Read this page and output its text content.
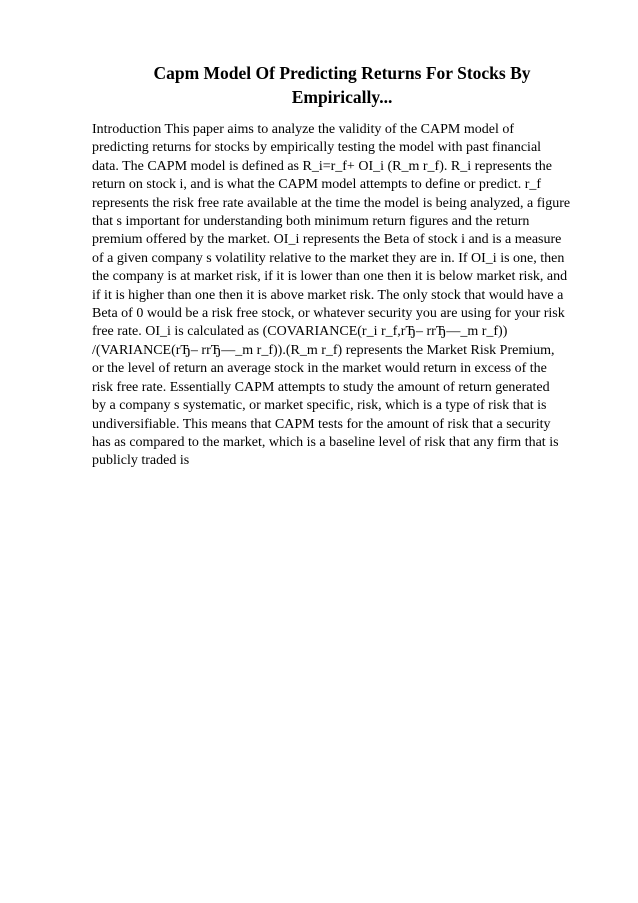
Capm Model Of Predicting Returns For Stocks By
Empirically...
Introduction This paper aims to analyze the validity of the CAPM model of
predicting returns for stocks by empirically testing the model with past financial
data. The CAPM model is defined as R_i=r_f+ OI_i (R_m r_f). R_i represents the
return on stock i, and is what the CAPM model attempts to define or predict. r_f
represents the risk free rate available at the time the model is being analyzed, a figure
that s important for understanding both minimum return figures and the return
premium offered by the market. OI_i represents the Beta of stock i and is a measure
of a given company s volatility relative to the market they are in. If OI_i is one, then
the company is at market risk, if it is lower than one then it is below market risk, and
if it is higher than one then it is above market risk. The only stock that would have a
Beta of 0 would be a risk free stock, or whatever security you are using for your risk
free rate. OI_i is calculated as (COVARIANCE(r_i r_f,rЂ– rrЂ—_m r_f))
/(VARIANCE(rЂ– rrЂ—_m r_f)).(R_m r_f) represents the Market Risk Premium,
or the level of return an average stock in the market would return in excess of the
risk free rate. Essentially CAPM attempts to study the amount of return generated
by a company s systematic, or market specific, risk, which is a type of risk that is
undiversifiable. This means that CAPM tests for the amount of risk that a security
has as compared to the market, which is a baseline level of risk that any firm that is
publicly traded is
